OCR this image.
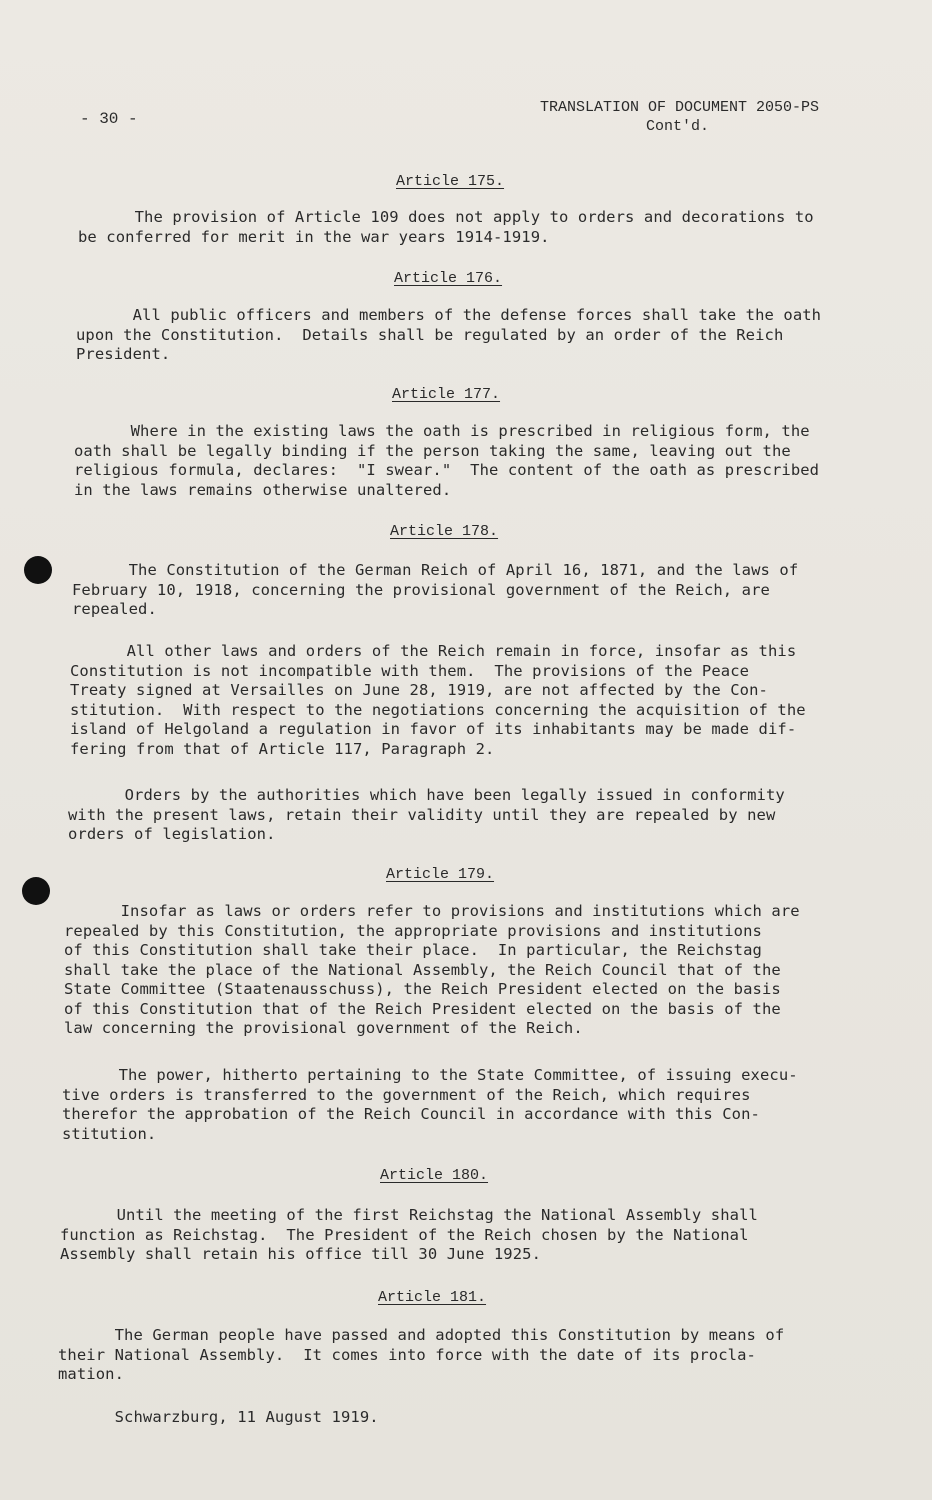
- 30 -
TRANSLATION OF DOCUMENT 2050-PS
Cont'd.
Article 175.
The provision of Article 109 does not apply to orders and decorations to
be conferred for merit in the war years 1914-1919.
Article 176.
All public officers and members of the defense forces shall take the oath
upon the Constitution.  Details shall be regulated by an order of the Reich
President.
Article 177.
Where in the existing laws the oath is prescribed in religious form, the
oath shall be legally binding if the person taking the same, leaving out the
religious formula, declares:  "I swear."  The content of the oath as prescribed
in the laws remains otherwise unaltered.
Article 178.
The Constitution of the German Reich of April 16, 1871, and the laws of
February 10, 1918, concerning the provisional government of the Reich, are
repealed.
All other laws and orders of the Reich remain in force, insofar as this
Constitution is not incompatible with them.  The provisions of the Peace
Treaty signed at Versailles on June 28, 1919, are not affected by the Con-
stitution.  With respect to the negotiations concerning the acquisition of the
island of Helgoland a regulation in favor of its inhabitants may be made dif-
fering from that of Article 117, Paragraph 2.
Orders by the authorities which have been legally issued in conformity
with the present laws, retain their validity until they are repealed by new
orders of legislation.
Article 179.
Insofar as laws or orders refer to provisions and institutions which are
repealed by this Constitution, the appropriate provisions and institutions
of this Constitution shall take their place.  In particular, the Reichstag
shall take the place of the National Assembly, the Reich Council that of the
State Committee (Staatenausschuss), the Reich President elected on the basis
of this Constitution that of the Reich President elected on the basis of the
law concerning the provisional government of the Reich.
The power, hitherto pertaining to the State Committee, of issuing execu-
tive orders is transferred to the government of the Reich, which requires
therefor the approbation of the Reich Council in accordance with this Con-
stitution.
Article 180.
Until the meeting of the first Reichstag the National Assembly shall
function as Reichstag.  The President of the Reich chosen by the National
Assembly shall retain his office till 30 June 1925.
Article 181.
The German people have passed and adopted this Constitution by means of
their National Assembly.  It comes into force with the date of its procla-
mation.
Schwarzburg, 11 August 1919.
